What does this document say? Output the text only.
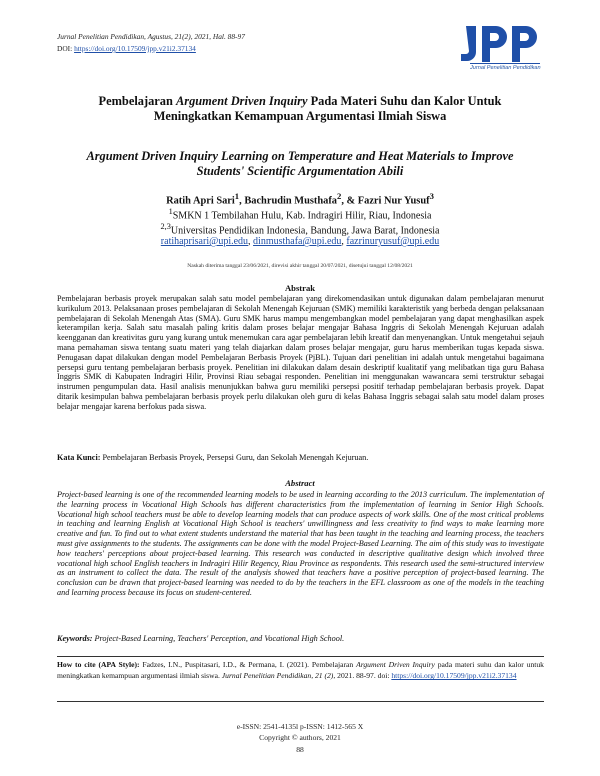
Jurnal Penelitian Pendidikan, Agustus, 21(2), 2021, Hal. 88-97
DOI: https://doi.org/10.17509/jpp.v21i2.37134
Jurnal Penelitian Pendidikan
Pembelajaran Argument Driven Inquiry Pada Materi Suhu dan Kalor Untuk
Meningkatkan Kemampuan Argumentasi Ilmiah Siswa
Argument Driven Inquiry Learning on Temperature and Heat Materials to Improve
Students' Scientific Argumentation Abili
Ratih Apri Sari$^1$, Bachrudin Musthafa$^2$, & Fazri Nur Yusuf$^3$
$^1$SMKN 1 Tembilahan Hulu, Kab. Indragiri Hilir, Riau, Indonesia
$^{2,3}$Universitas Pendidikan Indonesia, Bandung, Jawa Barat, Indonesia
ratihaprisari@upi.edu, dinmusthafa@upi.edu, fazrinuryusuf@upi.edu
Naskah diterima tanggal 23/06/2021, direvisi akhir tanggal 20/07/2021, disetujui tanggal 12/08/2021
Abstrak
Pembelajaran berbasis proyek merupakan salah satu model pembelajaran yang direkomendasikan untuk digunakan dalam pembelajaran menurut kurikulum 2013. Pelaksanaan proses pembelajaran di Sekolah Menengah Kejuruan (SMK) memiliki karakteristik yang berbeda dengan pelaksanaan pembelajaran di Sekolah Menengah Atas (SMA). Guru SMK harus mampu mengembangkan model pembelajaran yang dapat menghasilkan aspek keterampilan kerja. Salah satu masalah paling kritis dalam proses belajar mengajar Bahasa Inggris di Sekolah Menengah Kejuruan adalah keengganan dan kreativitas guru yang kurang untuk menemukan cara agar pembelajaran lebih kreatif dan menyenangkan. Untuk mengetahui sejauh mana pemahaman siswa tentang suatu materi yang telah diajarkan dalam proses belajar mengajar, guru harus memberikan tugas kepada siswa. Penugasan dapat dilakukan dengan model Pembelajaran Berbasis Proyek (PjBL). Tujuan dari penelitian ini adalah untuk mengetahui bagaimana persepsi guru tentang pembelajaran berbasis proyek. Penelitian ini dilakukan dalam desain deskriptif kualitatif yang melibatkan tiga guru Bahasa Inggris SMK di Kabupaten Indragiri Hilir, Provinsi Riau sebagai responden. Penelitian ini menggunakan wawancara semi terstruktur sebagai instrumen pengumpulan data. Hasil analisis menunjukkan bahwa guru memiliki persepsi positif terhadap pembelajaran berbasis proyek. Dapat ditarik kesimpulan bahwa pembelajaran berbasis proyek perlu dilakukan oleh guru di kelas Bahasa Inggris sebagai salah satu model dalam proses belajar mengajar karena berfokus pada siswa.
Kata Kunci: Pembelajaran Berbasis Proyek, Persepsi Guru, dan Sekolah Menengah Kejuruan.
Abstract
Project-based learning is one of the recommended learning models to be used in learning according to the 2013 curriculum. The implementation of the learning process in Vocational High Schools has different characteristics from the implementation of learning in Senior High Schools. Vocational high school teachers must be able to develop learning models that can produce aspects of work skills. One of the most critical problems in teaching and learning English at Vocational High School is teachers' unwillingness and less creativity to find ways to make learning more creative and fun. To find out to what extent students understand the material that has been taught in the teaching and learning process, the teachers must give assignments to the students. The assignments can be done with the model Project-Based Learning. The aim of this study was to investigate how teachers' perceptions about project-based learning. This research was conducted in descriptive qualitative design which involved three vocational high school English teachers in Indragiri Hilir Regency, Riau Province as respondents. This research used the semi-structured interview as an instrument to collect the data. The result of the analysis showed that teachers have a positive perception of project-based learning. The conclusion can be drawn that project-based learning was needed to do by the teachers in the EFL classroom as one of the models in the teaching and learning process because its focus on student-centered.
Keywords: Project-Based Learning, Teachers' Perception, and Vocational High School.
How to cite (APA Style): Fadzes, I.N., Puspitasari, I.D., & Permana, I. (2021). Pembelajaran Argument Driven Inquiry pada materi suhu dan kalor untuk meningkatkan kemampuan argumentasi ilmiah siswa. Jurnal Penelitian Pendidikan, 21 (2), 2021. 88-97. doi: https://doi.org/10.17509/jpp.v21i2.37134
e-ISSN: 2541-4135l p-ISSN: 1412-565 X
Copyright © authors, 2021
88
